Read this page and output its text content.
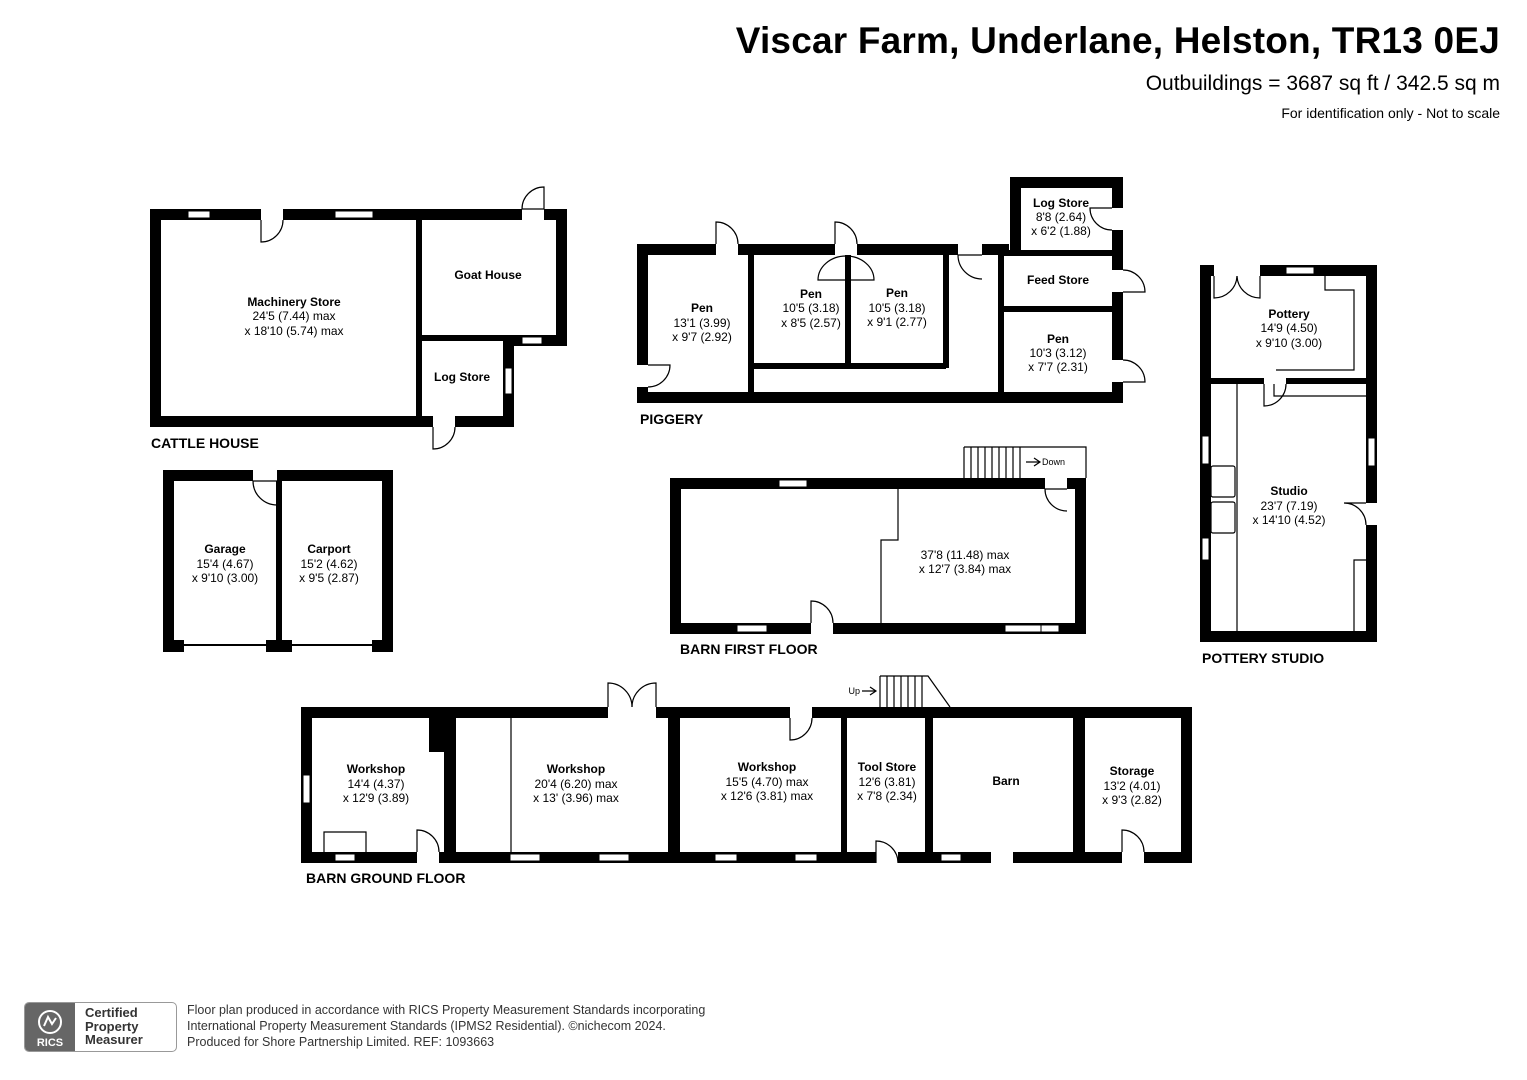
Viscar Farm, Underlane, Helston, TR13 0EJ
Outbuildings = 3687 sq ft / 342.5 sq m
For identification only - Not to scale
Machinery Store
24'5 (7.44) max
x 18'10 (5.74) max
Goat House
Log Store
Garage
15'4 (4.67)
x 9'10 (3.00)
Carport
15'2 (4.62)
x 9'5 (2.87)
Pen
13'1 (3.99)
x 9'7 (2.92)
Pen
10'5 (3.18)
x 8'5 (2.57)
Pen
10'5 (3.18)
x 9'1 (2.77)
Log Store
8'8 (2.64)
x 6'2 (1.88)
Feed Store
Pen
10'3 (3.12)
x 7'7 (2.31)
37'8 (11.48) max
x 12'7 (3.84) max
Pottery
14'9 (4.50)
x 9'10 (3.00)
Studio
23'7 (7.19)
x 14'10 (4.52)
Workshop
14'4 (4.37)
x 12'9 (3.89)
Workshop
20'4 (6.20) max
x 13' (3.96) max
Workshop
15'5 (4.70) max
x 12'6 (3.81) max
Tool Store
12'6 (3.81)
x 7'8 (2.34)
Barn
Storage
13'2 (4.01)
x 9'3 (2.82)
Down
Up
CATTLE HOUSE
PIGGERY
BARN FIRST FLOOR
POTTERY STUDIO
BARN GROUND FLOOR
RICS
Certified
Property
Measurer
Floor plan produced in accordance with RICS Property Measurement Standards incorporating
International Property Measurement Standards (IPMS2 Residential). ©nichecom 2024.
Produced for Shore Partnership Limited. REF: 1093663
